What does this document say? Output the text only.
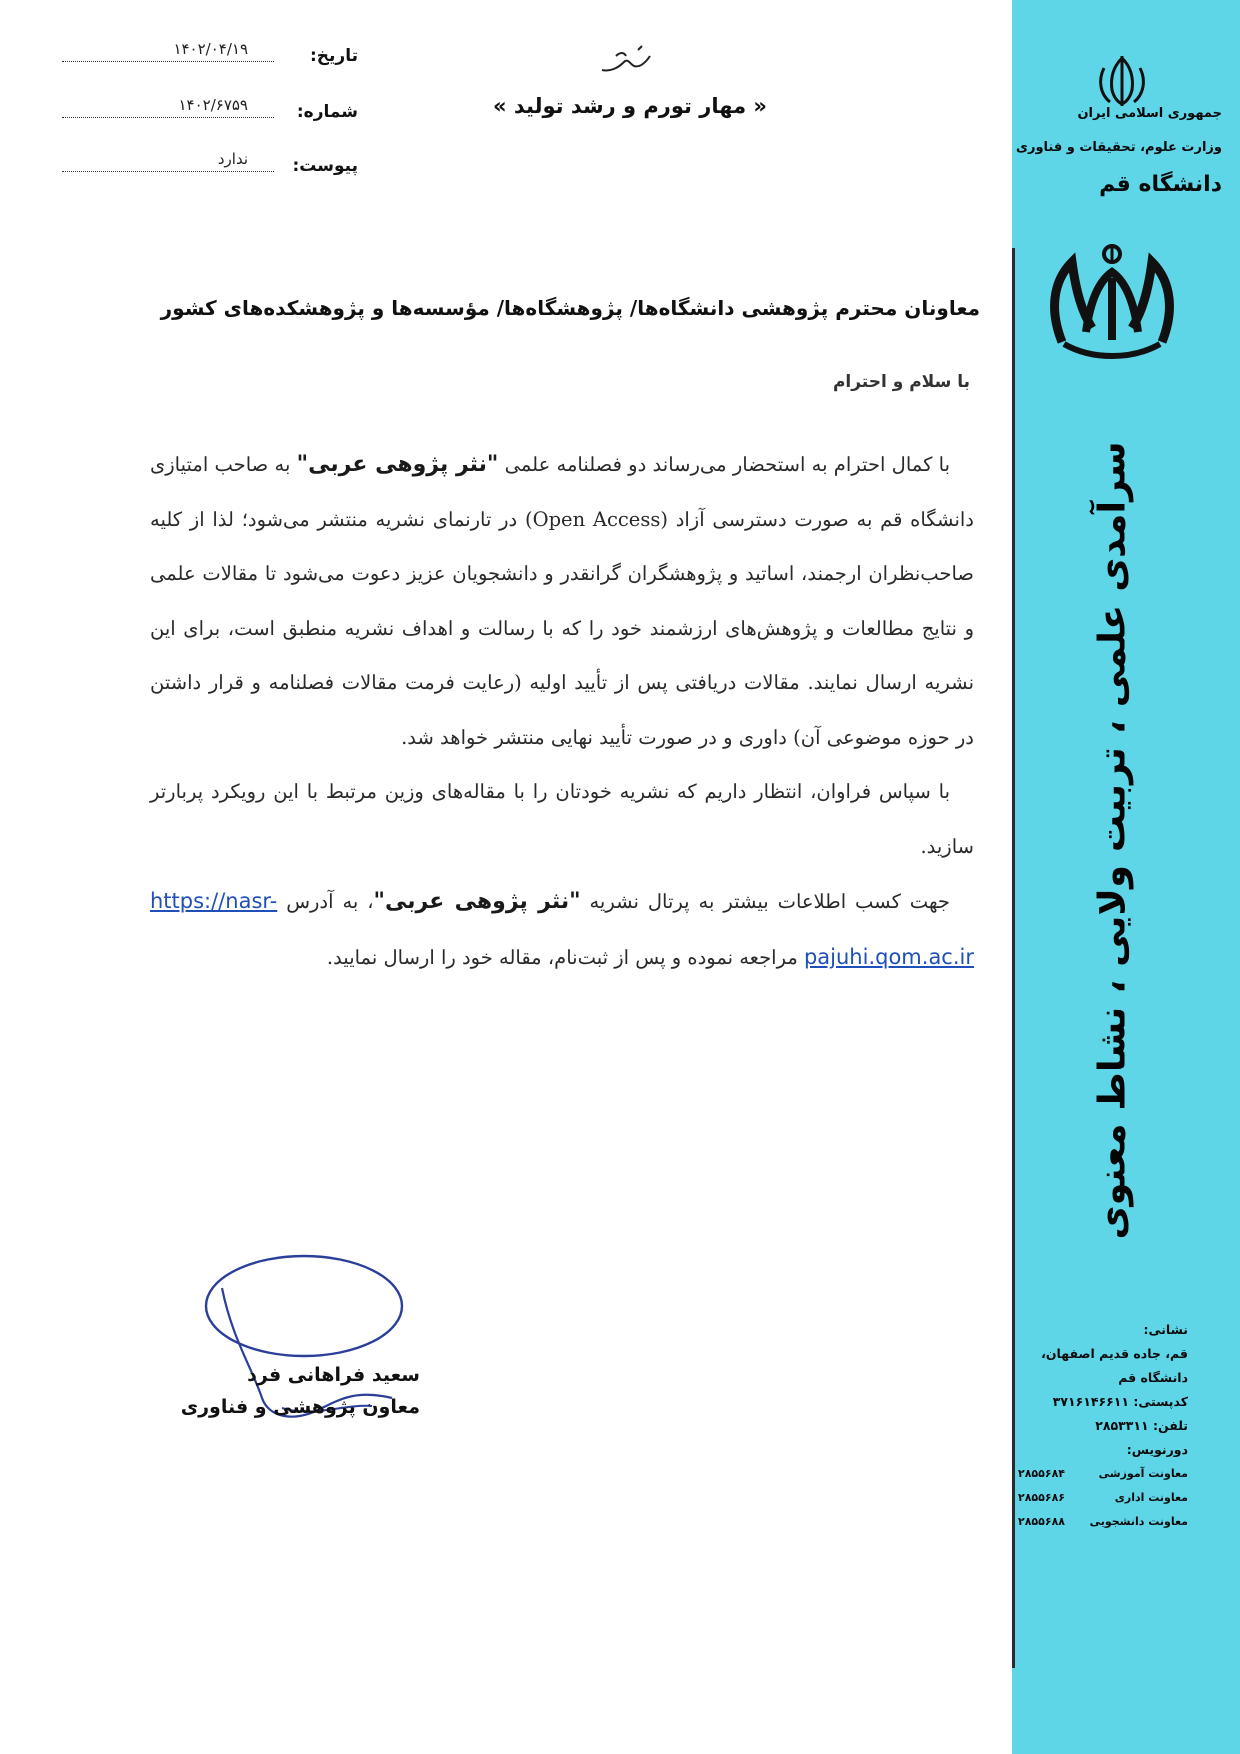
جمهوری اسلامی ایران
وزارت علوم، تحقیقات و فناوری
دانشگاه قم
سرآمدی علمی ، تربیت ولایی ، نشاط معنوی
نشانی:
قم، جاده قدیم اصفهان،
دانشگاه قم
کدپستی: ۳۷۱۶۱۴۶۶۱۱
تلفن: ۲۸۵۳۳۱۱
دورنویس:
معاونت آموزشی
۲۸۵۵۶۸۴
معاونت اداری
۲۸۵۵۶۸۶
معاونت دانشجویی
۲۸۵۵۶۸۸
تاریخ:
۱۴۰۲/۰۴/۱۹
شماره:
۱۴۰۲/۶۷۵۹
پیوست:
ندارد
« مهار تورم و رشد تولید »
معاونان محترم پژوهشی دانشگاه‌ها/ پژوهشگاه‌ها/ مؤسسه‌ها و پژوهشکده‌های کشور
با سلام و احترام

با کمال احترام به استحضار می‌رساند دو فصلنامه علمی "نثر پژوهی عربی" به صاحب امتیازی دانشگاه قم به صورت دسترسی آزاد (Open Access) در تارنمای نشریه منتشر می‌شود؛ لذا از کلیه صاحب‌نظران ارجمند، اساتید و پژوهشگران گرانقدر و دانشجویان عزیز دعوت می‌شود تا مقالات علمی و نتایج مطالعات و پژوهش‌های ارزشمند خود را که با رسالت و اهداف نشریه منطبق است، برای این نشریه ارسال نمایند. مقالات دریافتی پس از تأیید اولیه (رعایت فرمت مقالات فصلنامه و قرار داشتن در حوزه موضوعی آن) داوری و در صورت تأیید نهایی منتشر خواهد شد.

با سپاس فراوان، انتظار داریم که نشریه خودتان را با مقاله‌های وزین مرتبط با این رویکرد پربارتر سازید.

جهت کسب اطلاعات بیشتر به پرتال نشریه "نثر پژوهی عربی"، به آدرس https://nasr-pajuhi.qom.ac.ir مراجعه نموده و پس از ثبت‌نام، مقاله خود را ارسال نمایید.

سعید فراهانی فرد
معاون پژوهشی و فناوری
